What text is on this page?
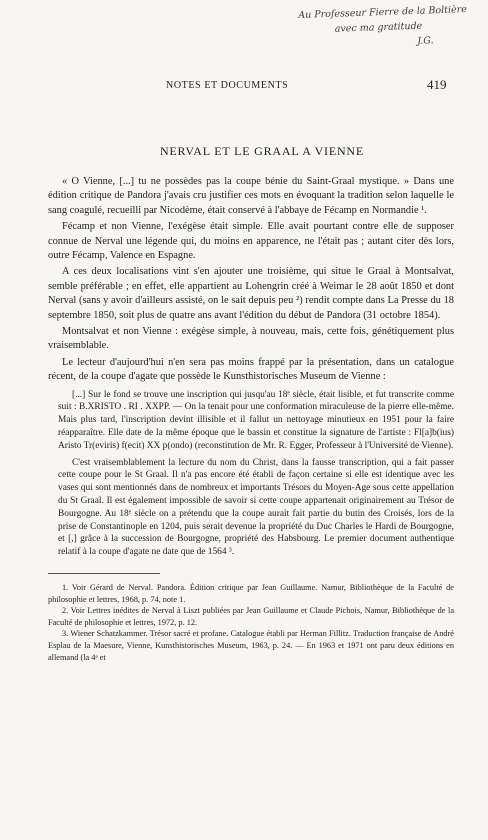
Au Professeur Fierre de la Boltière
avec ma gratitude
J.G.
NOTES ET DOCUMENTS	419
NERVAL ET LE GRAAL A VIENNE

« O Vienne, [...] tu ne possèdes pas la coupe bénie du Saint-Graal mystique. » Dans une édition critique de Pandora j'avais cru justifier ces mots en évoquant la tradition selon laquelle le sang coagulé, recueilli par Nicodème, était conservé à l'abbaye de Fécamp en Normandie ¹.

Fécamp et non Vienne, l'exégèse était simple. Elle avait pourtant contre elle de supposer connue de Nerval une légende qui, du moins en apparence, ne l'était pas ; autant citer dès lors, outre Fécamp, Valence en Espagne.

A ces deux localisations vint s'en ajouter une troisième, qui situe le Graal à Montsalvat, semble préférable ; en effet, elle appartient au Lohengrin créé à Weimar le 28 août 1850 et dont Nerval (sans y avoir d'ailleurs assisté, on le sait depuis peu ²) rendit compte dans La Presse du 18 septembre 1850, soit plus de quatre ans avant l'édition du début de Pandora (31 octobre 1854).

Montsalvat et non Vienne : exégèse simple, à nouveau, mais, cette fois, génétiquement plus vraisemblable.

Le lecteur d'aujourd'hui n'en sera pas moins frappé par la présentation, dans un catalogue récent, de la coupe d'agate que possède le Kunsthistorisches Museum de Vienne :

[...] Sur le fond se trouve une inscription qui jusqu'au 18ᵉ siècle, était lisible, et fut transcrite comme suit : B.XRISTO . RI . XXPP. — On la tenait pour une conformation miraculeuse de la pierre elle-même. Mais plus tard, l'inscription devint illisible et il fallut un nettoyage minutieux en 1951 pour la faire réapparaître. Elle date de la même époque que le bassin et constitue la signature de l'artiste : Fl[a]b(ius) Aristo Tr(eviris) f(ecit) XX p(ondo) (reconstitution de Mr. R. Egger, Professeur à l'Université de Vienne).

C'est vraisemblablement la lecture du nom du Christ, dans la fausse transcription, qui a fait passer cette coupe pour le St Graal. Il n'a pas encore été établi de façon certaine si elle est identique avec les vases qui sont mentionnés dans de nombreux et importants Trésors du Moyen-Age sous cette appellation du St Graal. Il est également impossible de savoir si cette coupe appartenait originairement au Trésor de Bourgogne. Au 18ᵉ siècle on a prétendu que la coupe aurait fait partie du butin des Croisés, lors de la prise de Constantinople en 1204, puis serait devenue la propriété du Duc Charles le Hardi de Bourgogne, et [,] grâce à la succession de Bourgogne, propriété des Habsbourg. Le premier document authentique relatif à la coupe d'agate ne date que de 1564 ³.

1. Voir Gérard de Nerval. Pandora. Édition critique par Jean Guillaume. Namur, Bibliothèque de la Faculté de philosophie et lettres, 1968, p. 74, note 1.

2. Voir Lettres inédites de Nerval à Liszt publiées par Jean Guillaume et Claude Pichois, Namur, Bibliothèque de la Faculté de philosophie et lettres, 1972, p. 12.

3. Wiener Schatzkammer. Trésor sacré et profane. Catalogue établi par Herman Fillitz. Traduction française de André Esplau de la Maesure, Vienne, Kunsthistorisches Museum, 1963, p. 24. — En 1963 et 1971 ont paru deux éditions en allemand (la 4ᵉ et
